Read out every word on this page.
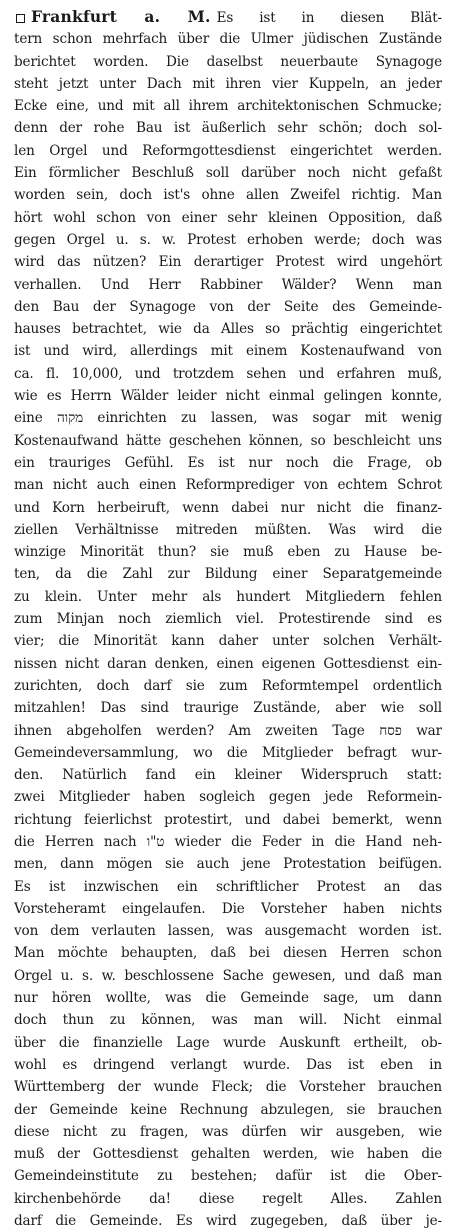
Frankfurt a. M. Es ist in diesen Blät-
tern schon mehrfach über die Ulmer jüdischen Zustände
berichtet worden. Die daselbst neuerbaute Synagoge
steht jetzt unter Dach mit ihren vier Kuppeln, an jeder
Ecke eine, und mit all ihrem architektonischen Schmucke;
denn der rohe Bau ist äußerlich sehr schön; doch sol-
len Orgel und Reformgottesdienst eingerichtet werden.
Ein förmlicher Beschluß soll darüber noch nicht gefaßt
worden sein, doch ist's ohne allen Zweifel richtig. Man
hört wohl schon von einer sehr kleinen Opposition, daß
gegen Orgel u. s. w. Protest erhoben werde; doch was
wird das nützen? Ein derartiger Protest wird ungehört
verhallen. Und Herr Rabbiner Wälder? Wenn man
den Bau der Synagoge von der Seite des Gemeinde-
hauses betrachtet, wie da Alles so prächtig eingerichtet
ist und wird, allerdings mit einem Kostenaufwand von
ca. fl. 10,000, und trotzdem sehen und erfahren muß,
wie es Herrn Wälder leider nicht einmal gelingen konnte,
eine מקוה einrichten zu lassen, was sogar mit wenig
Kostenaufwand hätte geschehen können, so beschleicht uns
ein trauriges Gefühl. Es ist nur noch die Frage, ob
man nicht auch einen Reformprediger von echtem Schrot
und Korn herbeiruft, wenn dabei nur nicht die finanz-
ziellen Verhältnisse mitreden müßten. Was wird die
winzige Minorität thun? sie muß eben zu Hause be-
ten, da die Zahl zur Bildung einer Separatgemeinde
zu klein. Unter mehr als hundert Mitgliedern fehlen
zum Minjan noch ziemlich viel. Protestirende sind es
vier; die Minorität kann daher unter solchen Verhält-
nissen nicht daran denken, einen eigenen Gottesdienst ein-
zurichten, doch darf sie zum Reformtempel ordentlich
mitzahlen! Das sind traurige Zustände, aber wie soll
ihnen abgeholfen werden? Am zweiten Tage פסח war
Gemeindeversammlung, wo die Mitglieder befragt wur-
den. Natürlich fand ein kleiner Widerspruch statt:
zwei Mitglieder haben sogleich gegen jede Reformein-
richtung feierlichst protestirt, und dabei bemerkt, wenn
die Herren nach ט"ו wieder die Feder in die Hand neh-
men, dann mögen sie auch jene Protestation beifügen.
Es ist inzwischen ein schriftlicher Protest an das
Vorsteheramt eingelaufen. Die Vorsteher haben nichts
von dem verlauten lassen, was ausgemacht worden ist.
Man möchte behaupten, daß bei diesen Herren schon
Orgel u. s. w. beschlossene Sache gewesen, und daß man
nur hören wollte, was die Gemeinde sage, um dann
doch thun zu können, was man will. Nicht einmal
über die finanzielle Lage wurde Auskunft ertheilt, ob-
wohl es dringend verlangt wurde. Das ist eben in
Württemberg der wunde Fleck; die Vorsteher brauchen
der Gemeinde keine Rechnung abzulegen, sie brauchen
diese nicht zu fragen, was dürfen wir ausgeben, wie
muß der Gottesdienst gehalten werden, wie haben die
Gemeindeinstitute zu bestehen; dafür ist die Ober-
kirchenbehörde da! diese regelt Alles. Zahlen
darf die Gemeinde. Es wird zugegeben, daß über je-
